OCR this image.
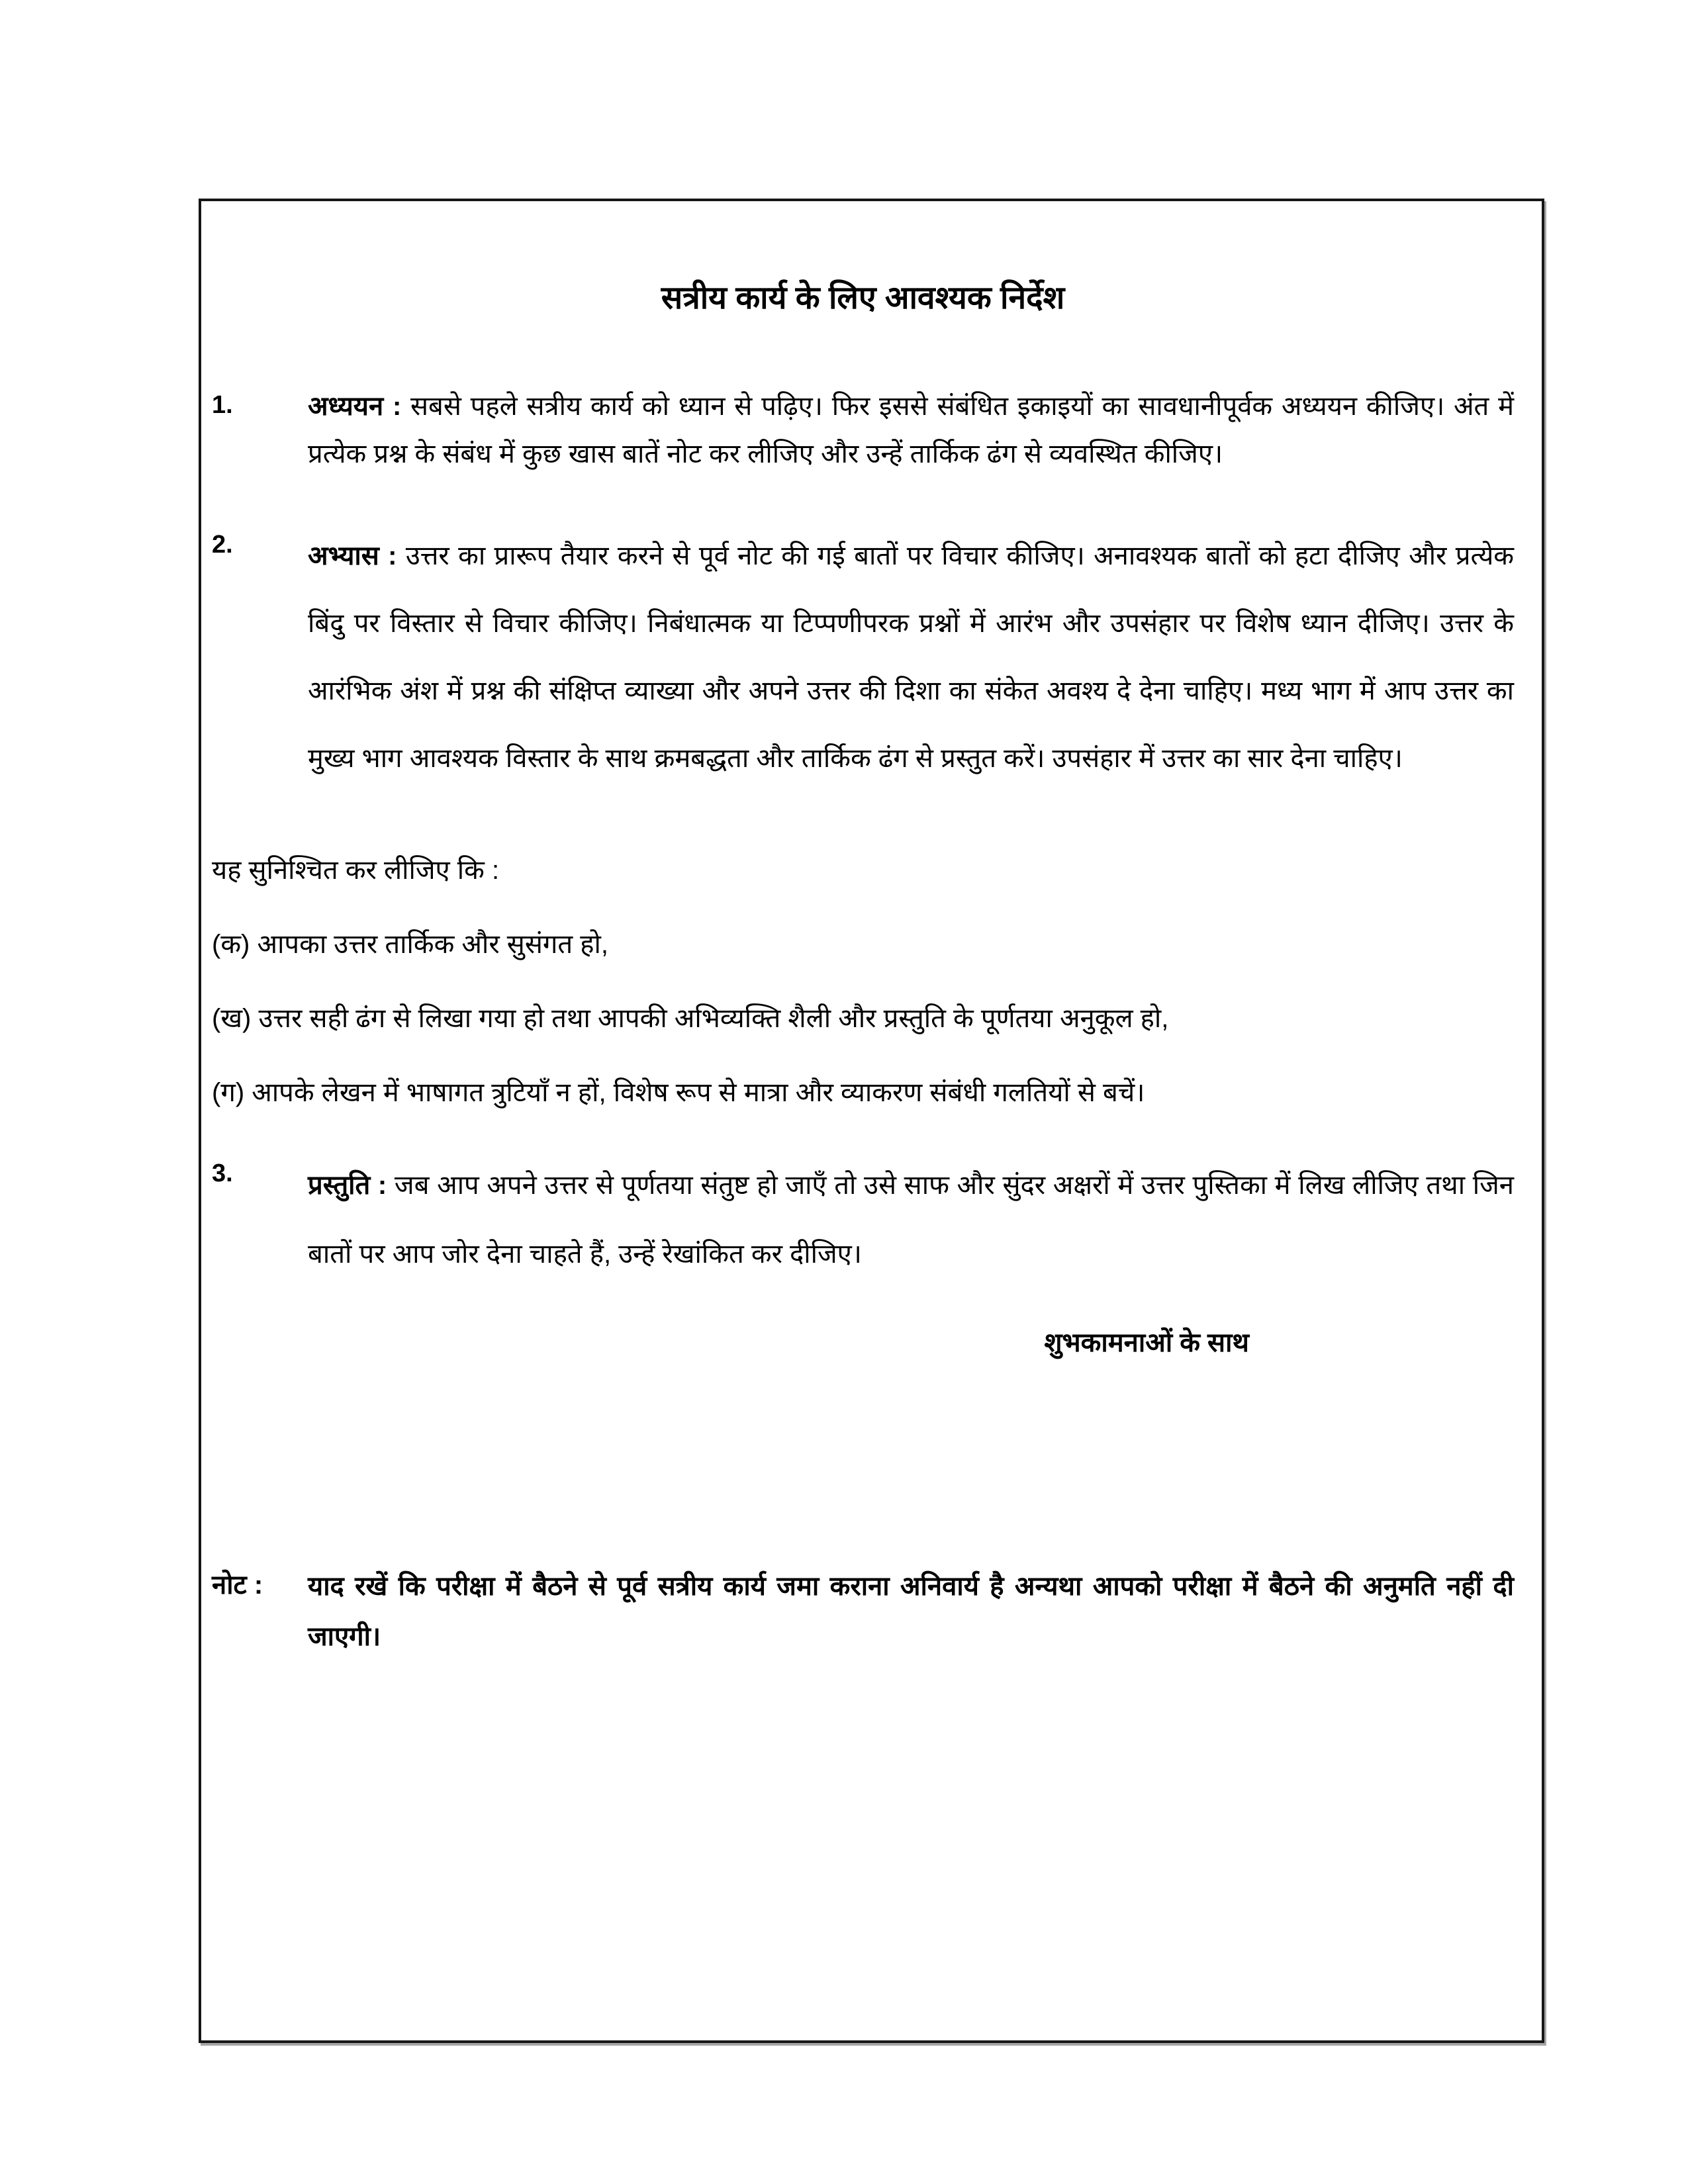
सत्रीय कार्य के लिए आवश्यक निर्देश
1.	अध्ययन : सबसे पहले सत्रीय कार्य को ध्यान से पढ़िए। फिर इससे संबंधित इकाइयों का सावधानीपूर्वक अध्ययन कीजिए। अंत में प्रत्येक प्रश्न के संबंध में कुछ खास बातें नोट कर लीजिए और उन्हें तार्किक ढंग से व्यवस्थित कीजिए।
2.	अभ्यास : उत्तर का प्रारूप तैयार करने से पूर्व नोट की गई बातों पर विचार कीजिए। अनावश्यक बातों को हटा दीजिए और प्रत्येक बिंदु पर विस्तार से विचार कीजिए। निबंधात्मक या टिप्पणीपरक प्रश्नों में आरंभ और उपसंहार पर विशेष ध्यान दीजिए। उत्तर के आरंभिक अंश में प्रश्न की संक्षिप्त व्याख्या और अपने उत्तर की दिशा का संकेत अवश्य दे देना चाहिए। मध्य भाग में आप उत्तर का मुख्य भाग आवश्यक विस्तार के साथ क्रमबद्धता और तार्किक ढंग से प्रस्तुत करें। उपसंहार में उत्तर का सार देना चाहिए।
यह सुनिश्चित कर लीजिए कि :
(क) आपका उत्तर तार्किक और सुसंगत हो,
(ख) उत्तर सही ढंग से लिखा गया हो तथा आपकी अभिव्यक्ति शैली और प्रस्तुति के पूर्णतया अनुकूल हो,
(ग) आपके लेखन में भाषागत त्रुटियाँ न हों, विशेष रूप से मात्रा और व्याकरण संबंधी गलतियों से बचें।
3.	प्रस्तुति : जब आप अपने उत्तर से पूर्णतया संतुष्ट हो जाएँ तो उसे साफ और सुंदर अक्षरों में उत्तर पुस्तिका में लिख लीजिए तथा जिन बातों पर आप जोर देना चाहते हैं, उन्हें रेखांकित कर दीजिए।
शुभकामनाओं के साथ
नोट :	याद रखें कि परीक्षा में बैठने से पूर्व सत्रीय कार्य जमा कराना अनिवार्य है अन्यथा आपको परीक्षा में बैठने की अनुमति नहीं दी जाएगी।
